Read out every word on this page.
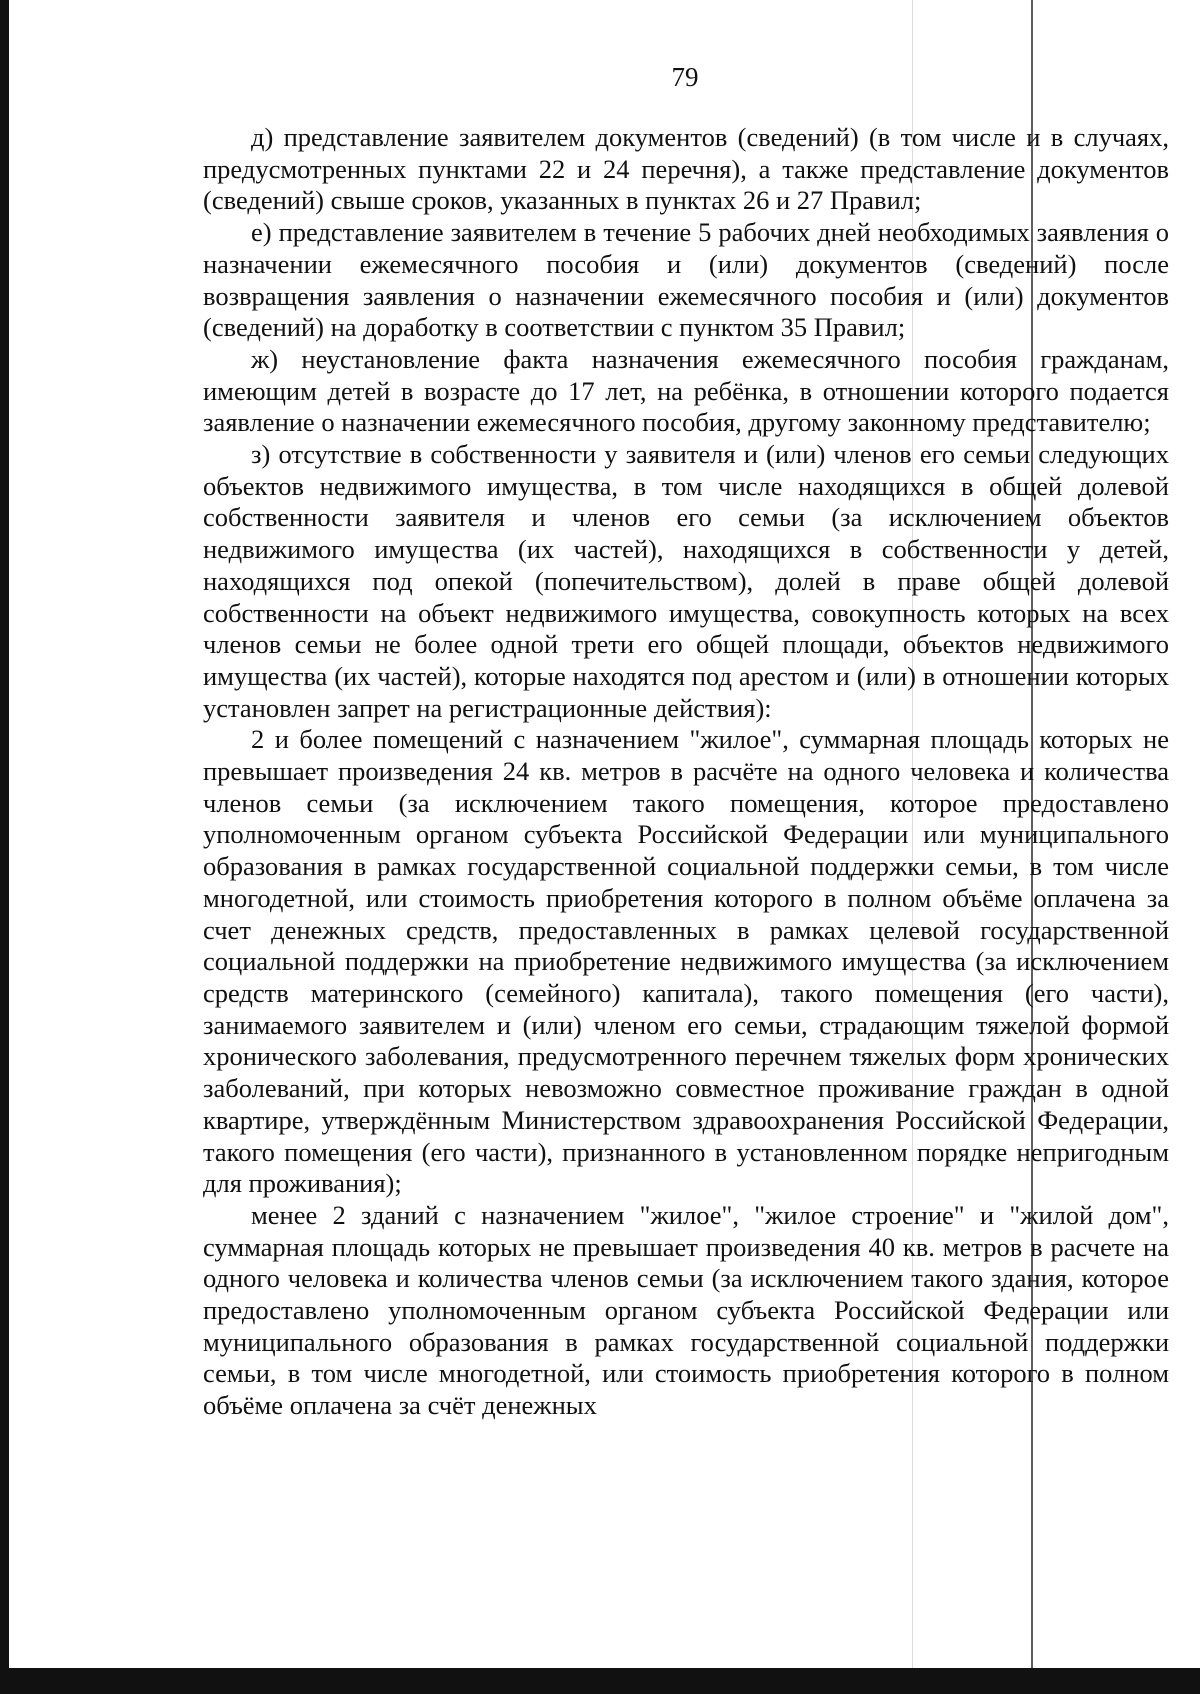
79

д) представление заявителем документов (сведений) (в том числе и в случаях, предусмотренных пунктами 22 и 24 перечня), а также представление документов (сведений) свыше сроков, указанных в пунктах 26 и 27 Правил;

е) представление заявителем в течение 5 рабочих дней необходимых заявления о назначении ежемесячного пособия и (или) документов (сведений) после возвращения заявления о назначении ежемесячного пособия и (или) документов (сведений) на доработку в соответствии с пунктом 35 Правил;

ж) неустановление факта назначения ежемесячного пособия гражданам, имеющим детей в возрасте до 17 лет, на ребёнка, в отношении которого подается заявление о назначении ежемесячного пособия, другому законному представителю;

з) отсутствие в собственности у заявителя и (или) членов его семьи следующих объектов недвижимого имущества, в том числе находящихся в общей долевой собственности заявителя и членов его семьи (за исключением объектов недвижимого имущества (их частей), находящихся в собственности у детей, находящихся под опекой (попечительством), долей в праве общей долевой собственности на объект недвижимого имущества, совокупность которых на всех членов семьи не более одной трети его общей площади, объектов недвижимого имущества (их частей), которые находятся под арестом и (или) в отношении которых установлен запрет на регистрационные действия):

2 и более помещений с назначением "жилое", суммарная площадь которых не превышает произведения 24 кв. метров в расчёте на одного человека и количества членов семьи (за исключением такого помещения, которое предоставлено уполномоченным органом субъекта Российской Федерации или муниципального образования в рамках государственной социальной поддержки семьи, в том числе многодетной, или стоимость приобретения которого в полном объёме оплачена за счет денежных средств, предоставленных в рамках целевой государственной социальной поддержки на приобретение недвижимого имущества (за исключением средств материнского (семейного) капитала), такого помещения (его части), занимаемого заявителем и (или) членом его семьи, страдающим тяжелой формой хронического заболевания, предусмотренного перечнем тяжелых форм хронических заболеваний, при которых невозможно совместное проживание граждан в одной квартире, утверждённым Министерством здравоохранения Российской Федерации, такого помещения (его части), признанного в установленном порядке непригодным для проживания);

менее 2 зданий с назначением "жилое", "жилое строение" и "жилой дом", суммарная площадь которых не превышает произведения 40 кв. метров в расчете на одного человека и количества членов семьи (за исключением такого здания, которое предоставлено уполномоченным органом субъекта Российской Федерации или муниципального образования в рамках государственной социальной поддержки семьи, в том числе многодетной, или стоимость приобретения которого в полном объёме оплачена за счёт денежных
